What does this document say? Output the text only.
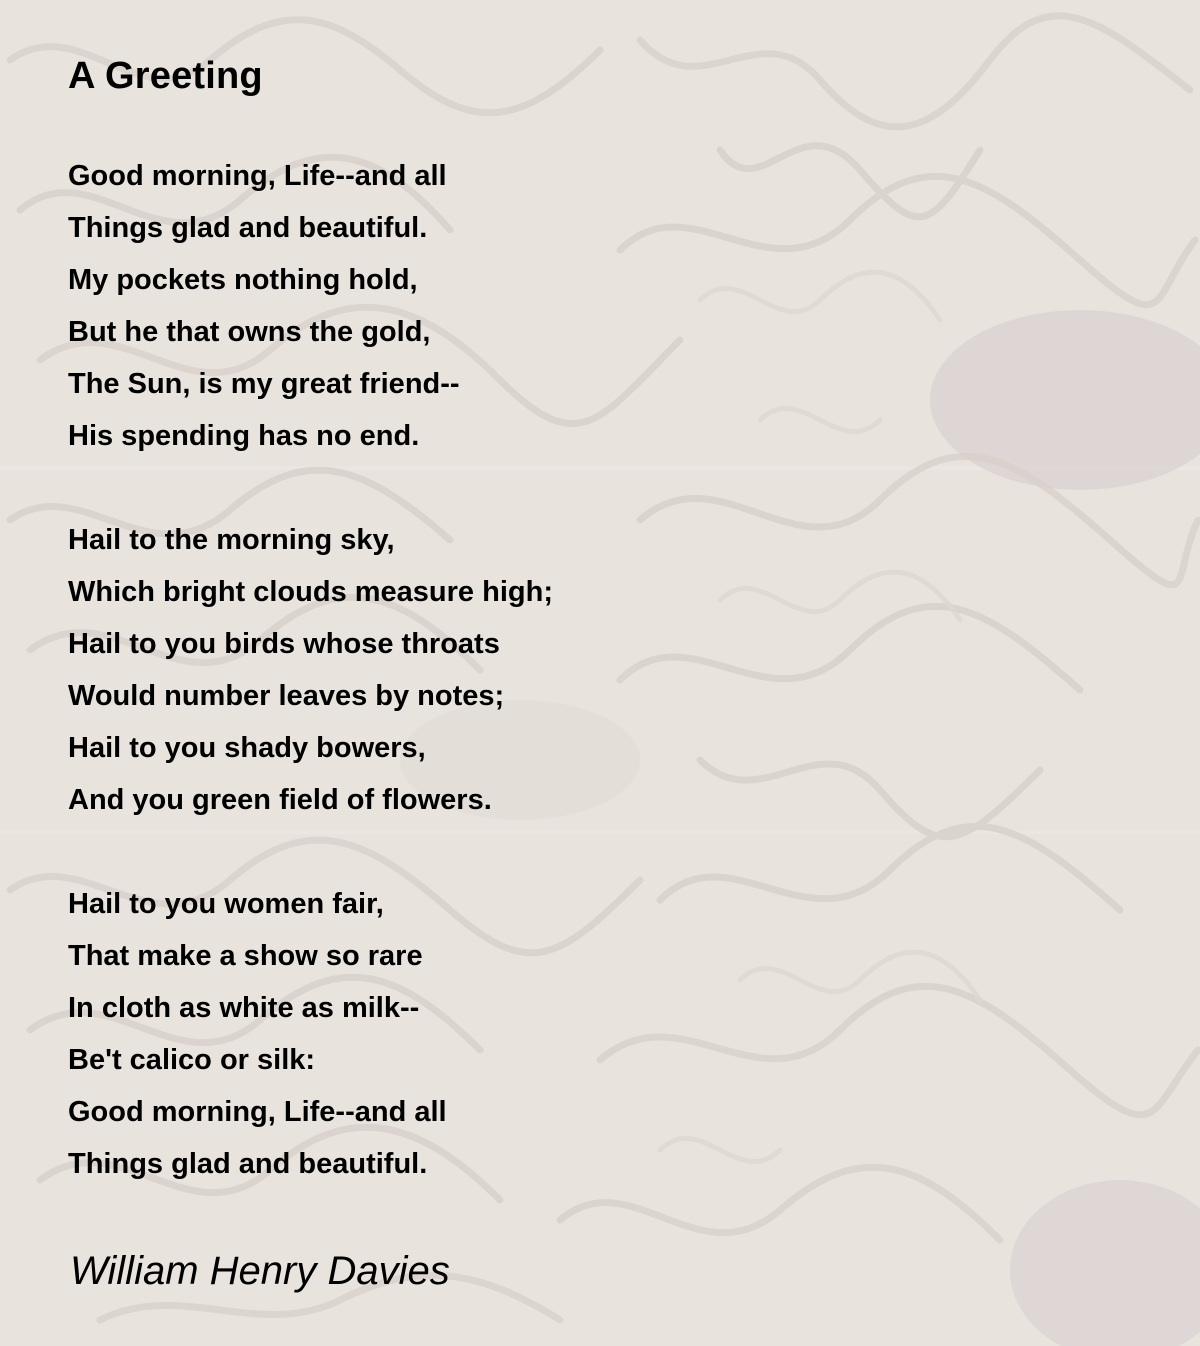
A Greeting
Good morning, Life--and all
Things glad and beautiful.
My pockets nothing hold,
But he that owns the gold,
The Sun, is my great friend--
His spending has no end.
Hail to the morning sky,
Which bright clouds measure high;
Hail to you birds whose throats
Would number leaves by notes;
Hail to you shady bowers,
And you green field of flowers.
Hail to you women fair,
That make a show so rare
In cloth as white as milk--
Be't calico or silk:
Good morning, Life--and all
Things glad and beautiful.

William Henry Davies
